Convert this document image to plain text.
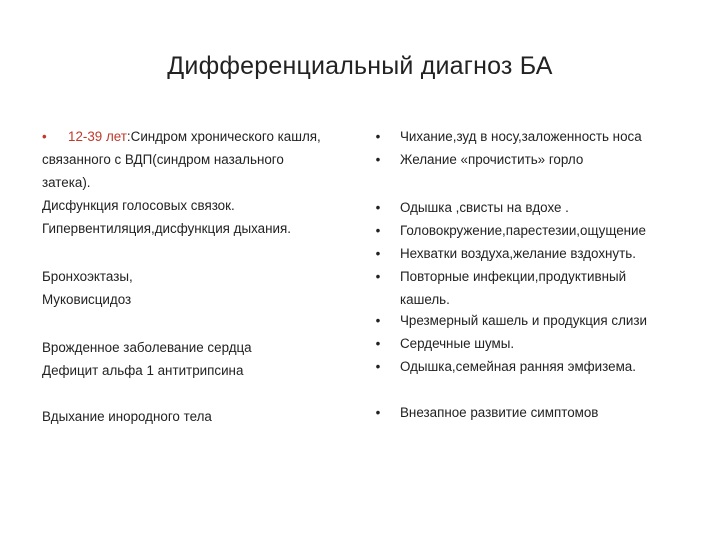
Дифференциальный диагноз БА
• 12-39 лет:Синдром хронического кашля,
связанного с ВДП(синдром назального
затека).
Дисфункция голосовых связок.
Гипервентиляция,дисфункция дыхания.
Бронхоэктазы,
Муковисцидоз
Врожденное заболевание сердца
Дефицит альфа 1 антитрипсина
Вдыхание инородного тела
• Чихание,зуд в носу,заложенность носа
• Желание «прочистить» горло
• Одышка ,свисты на вдохе .
• Головокружение,парестезии,ощущение
• Нехватки воздуха,желание вздохнуть.
• Повторные инфекции,продуктивный кашель.
• Чрезмерный кашель и продукция слизи
• Сердечные шумы.
• Одышка,семейная ранняя эмфизема.
• Внезапное развитие симптомов
